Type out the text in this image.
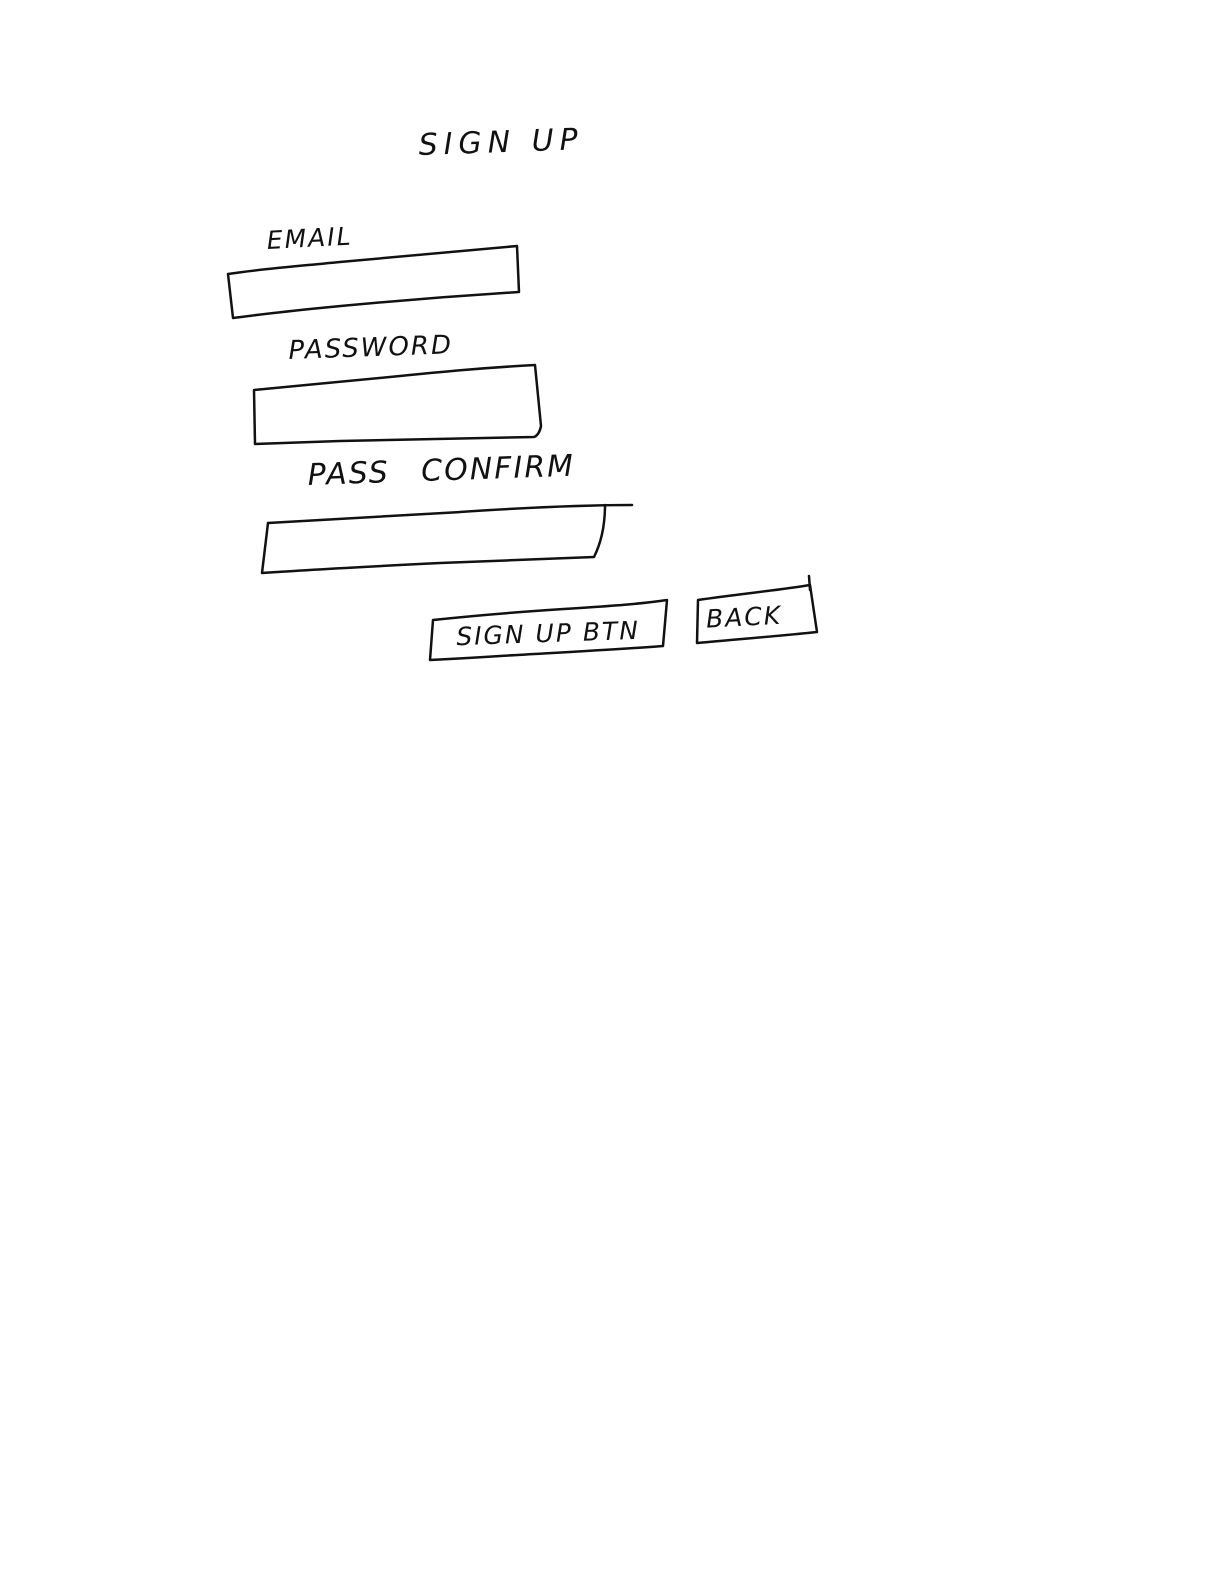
SIGN UP
EMAIL
PASSWORD
PASS CONFIRM
SIGN UP BTN	BACK
